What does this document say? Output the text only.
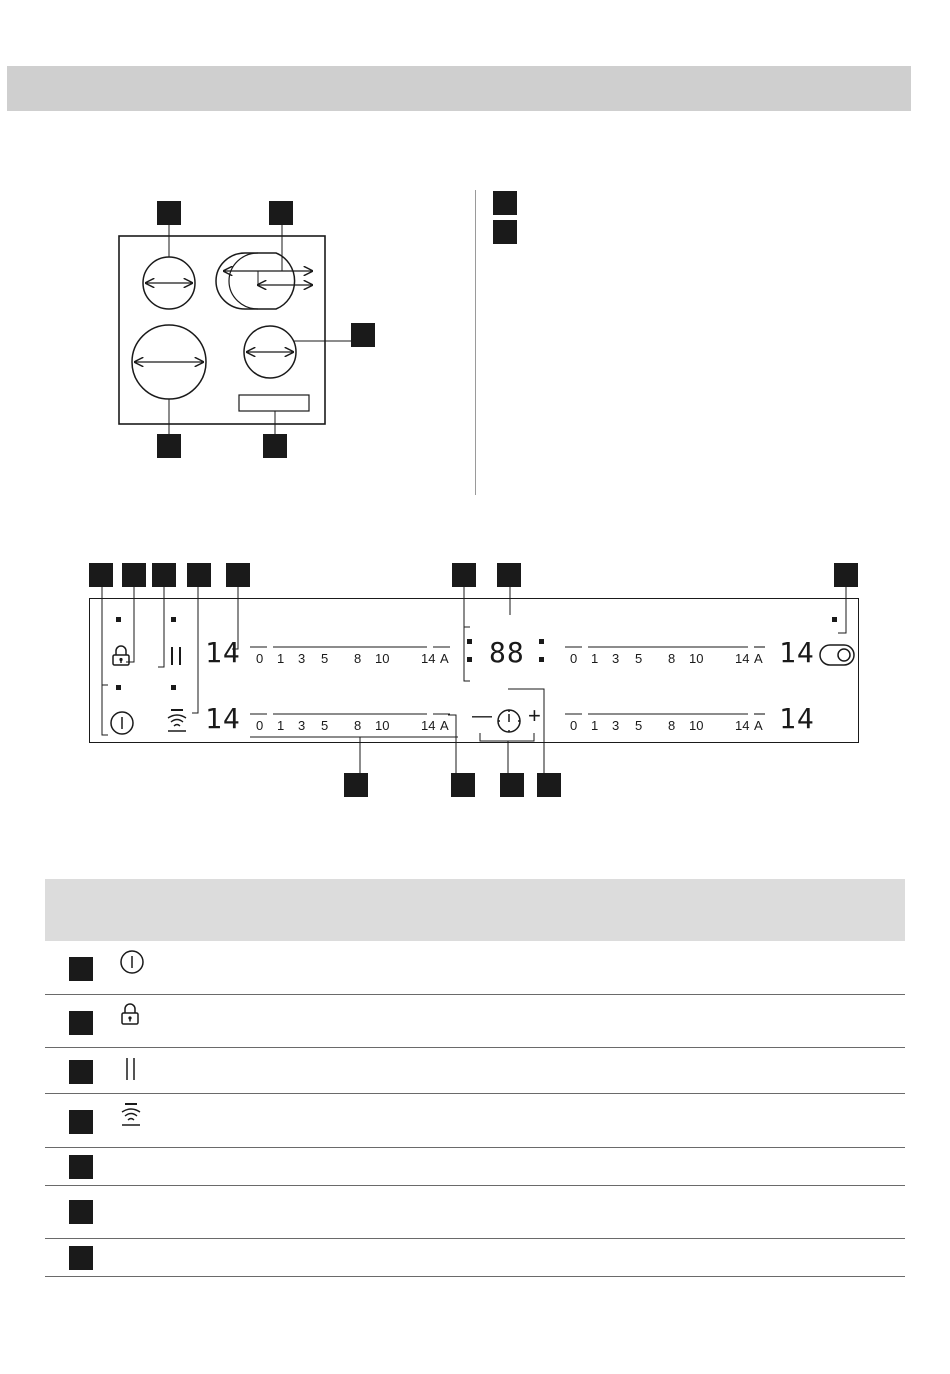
14
14
88	14
14
0 1 3 5 8 10 14 A
0 1 3 5 8 10 14 A
0 1 3 5 8 10 14 A
0 1 3 5 8 10 14 A
— +
